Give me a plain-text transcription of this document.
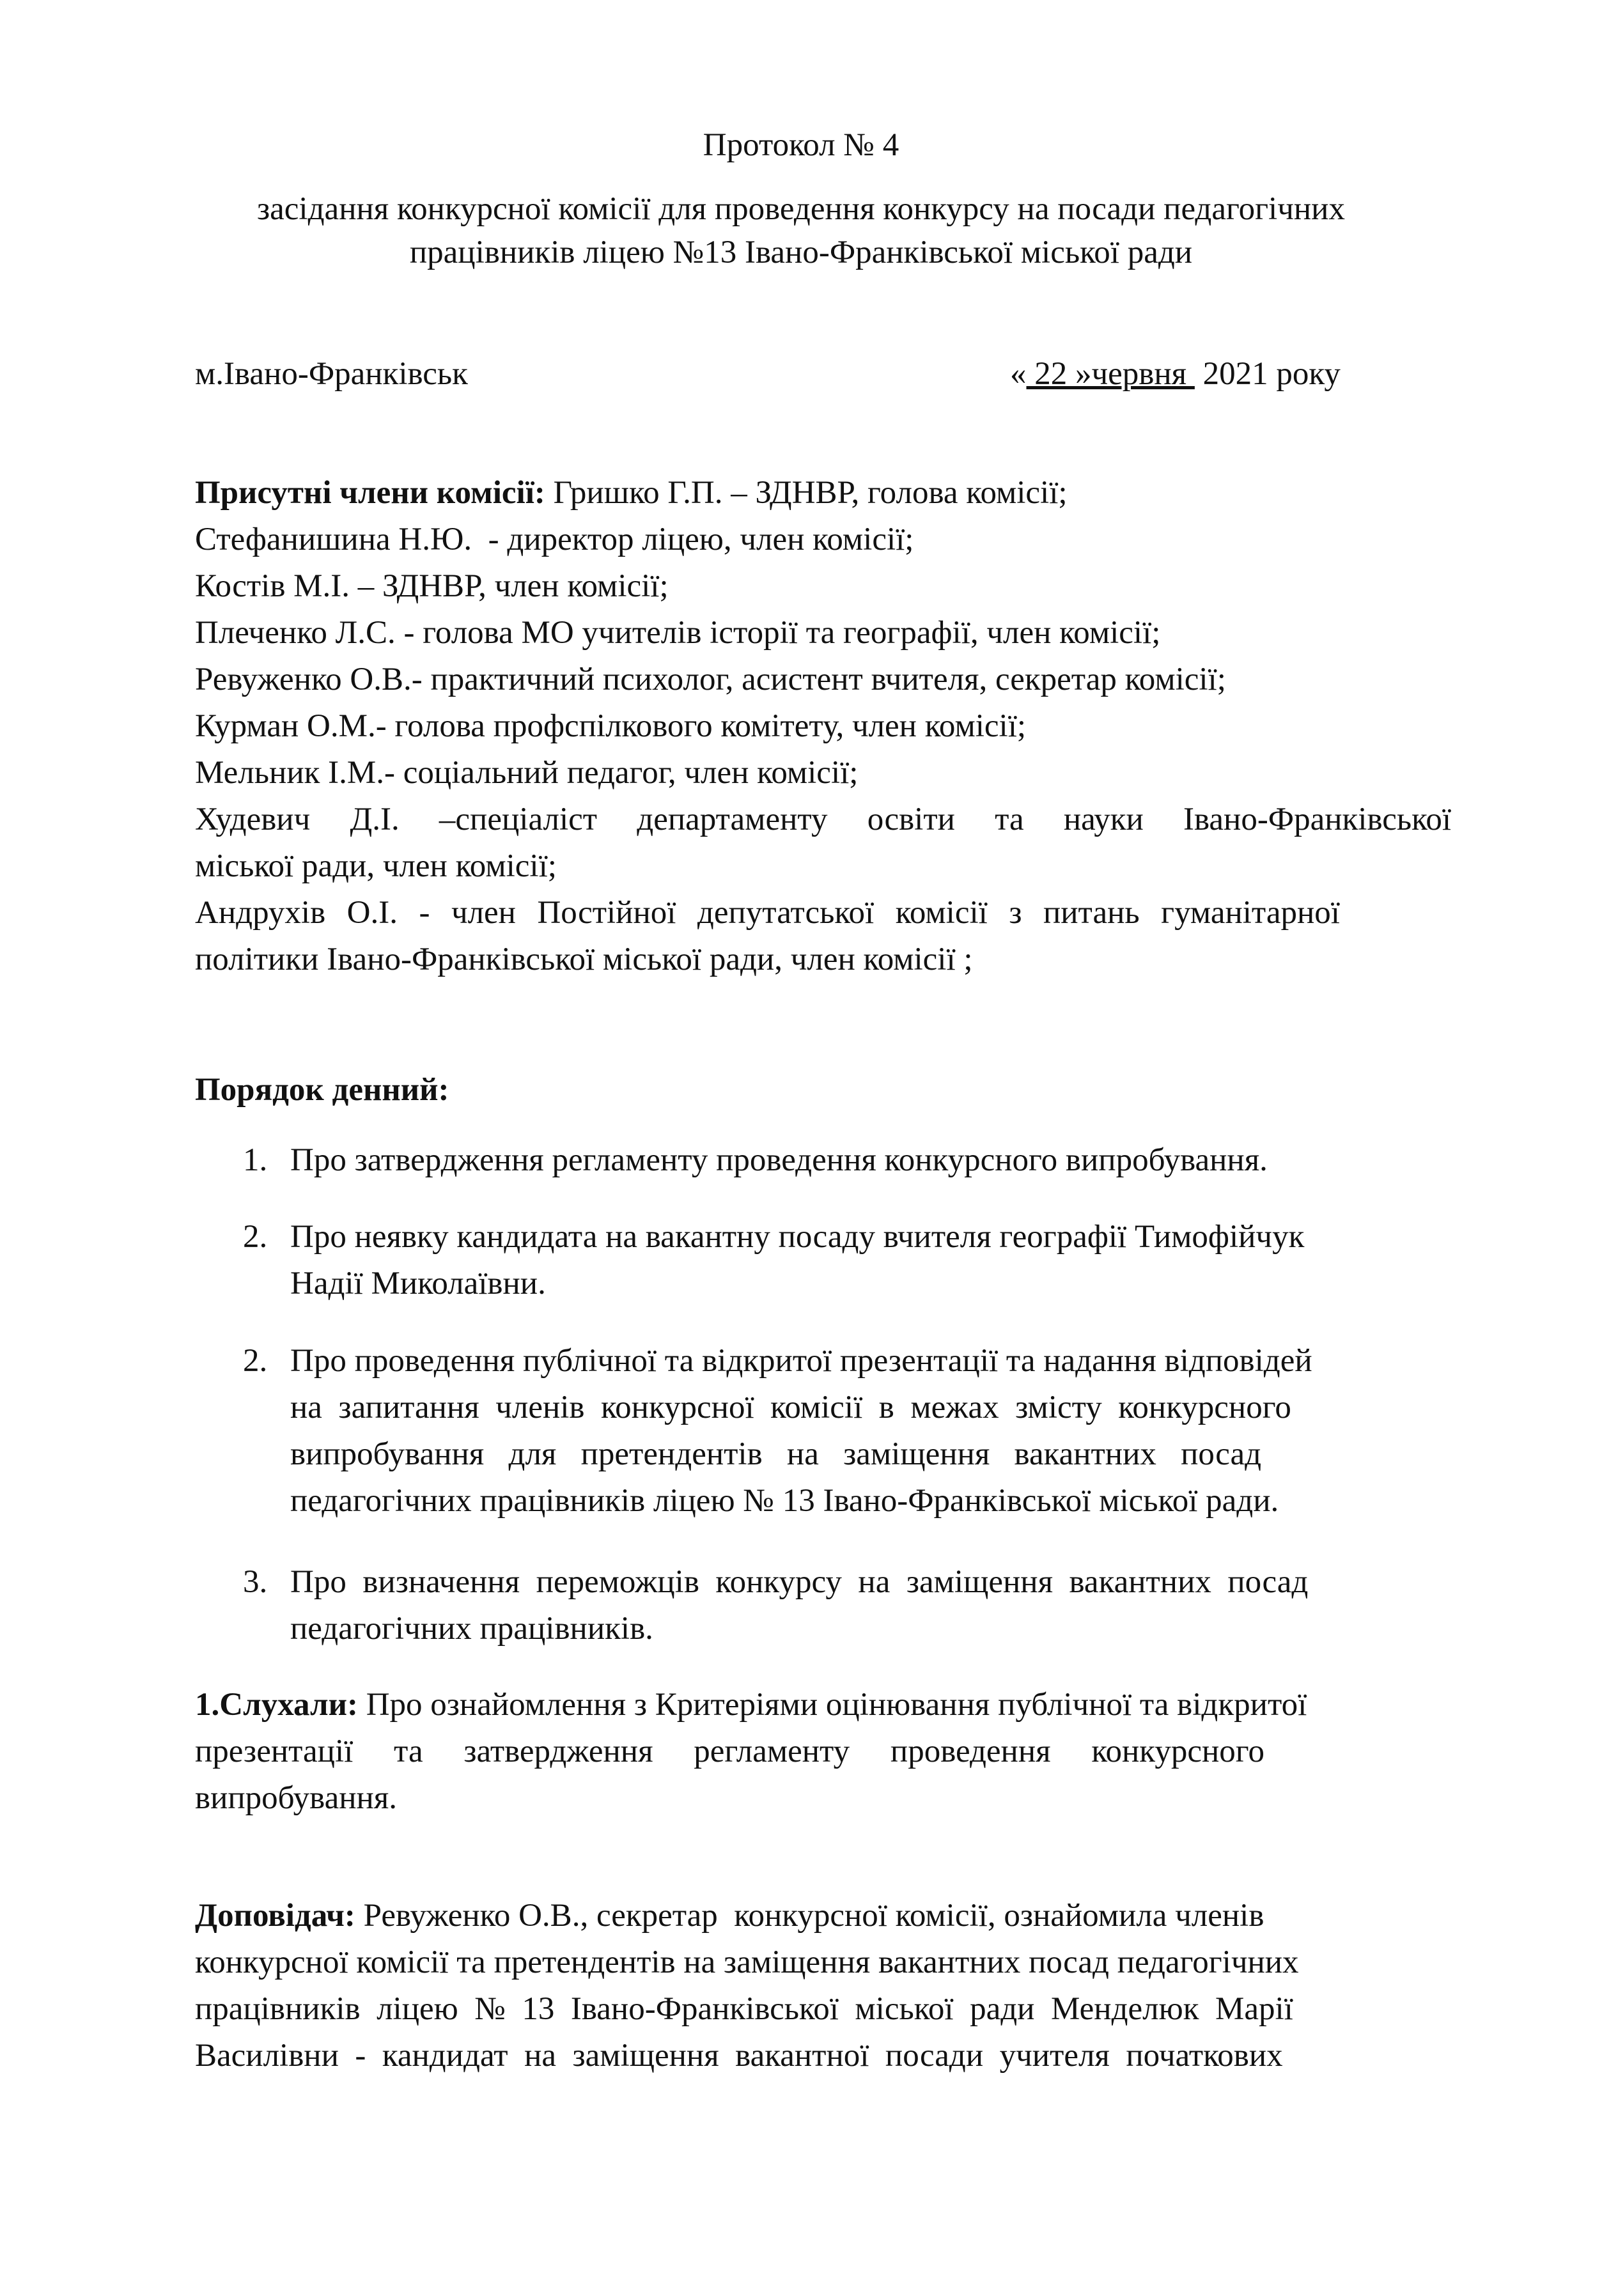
Протокол № 4
засідання конкурсної комісії для проведення конкурсу на посади педагогічних
працівників ліцею №13 Івано-Франківської міської ради
м.Івано-Франківськ	« 22 »червня  2021 року
Присутні члени комісії: Гришко Г.П. – ЗДНВР, голова комісії;
Стефанишина Н.Ю.  - директор ліцею, член комісії;
Костів М.І. – ЗДНВР, член комісії;
Плеченко Л.С. - голова МО учителів історії та географії, член комісії;
Ревуженко О.В.- практичний психолог, асистент вчителя, секретар комісії;
Курман О.М.- голова профспілкового комітету, член комісії;
Мельник І.М.- соціальний педагог, член комісії;
Худевич Д.І. –спеціаліст департаменту освіти та науки Івано-Франківської
міської ради, член комісії;
Андрухів  О.І.  -  член  Постійної  депутатської  комісії  з  питань  гуманітарної
політики Івано-Франківської міської ради, член комісії ;
Порядок денний:
1. Про затвердження регламенту проведення конкурсного випробування.
2. Про неявку кандидата на вакантну посаду вчителя географії Тимофійчук
Надії Миколаївни.
2. Про проведення публічної та відкритої презентації та надання відповідей
на  запитання  членів  конкурсної  комісії  в  межах  змісту  конкурсного
випробування   для   претендентів   на   заміщення   вакантних   посад
педагогічних працівників ліцею № 13 Івано-Франківської міської ради.
3. Про  визначення  переможців  конкурсу  на  заміщення  вакантних  посад
педагогічних працівників.
1.Слухали: Про ознайомлення з Критеріями оцінювання публічної та відкритої
презентації     та     затвердження     регламенту     проведення     конкурсного
випробування.
Доповідач: Ревуженко О.В., секретар  конкурсної комісії, ознайомила членів
конкурсної комісії та претендентів на заміщення вакантних посад педагогічних
працівників  ліцею  №  13  Івано-Франківської  міської  ради  Менделюк  Марії
Василівни  -  кандидат  на  заміщення  вакантної  посади  учителя  початкових
